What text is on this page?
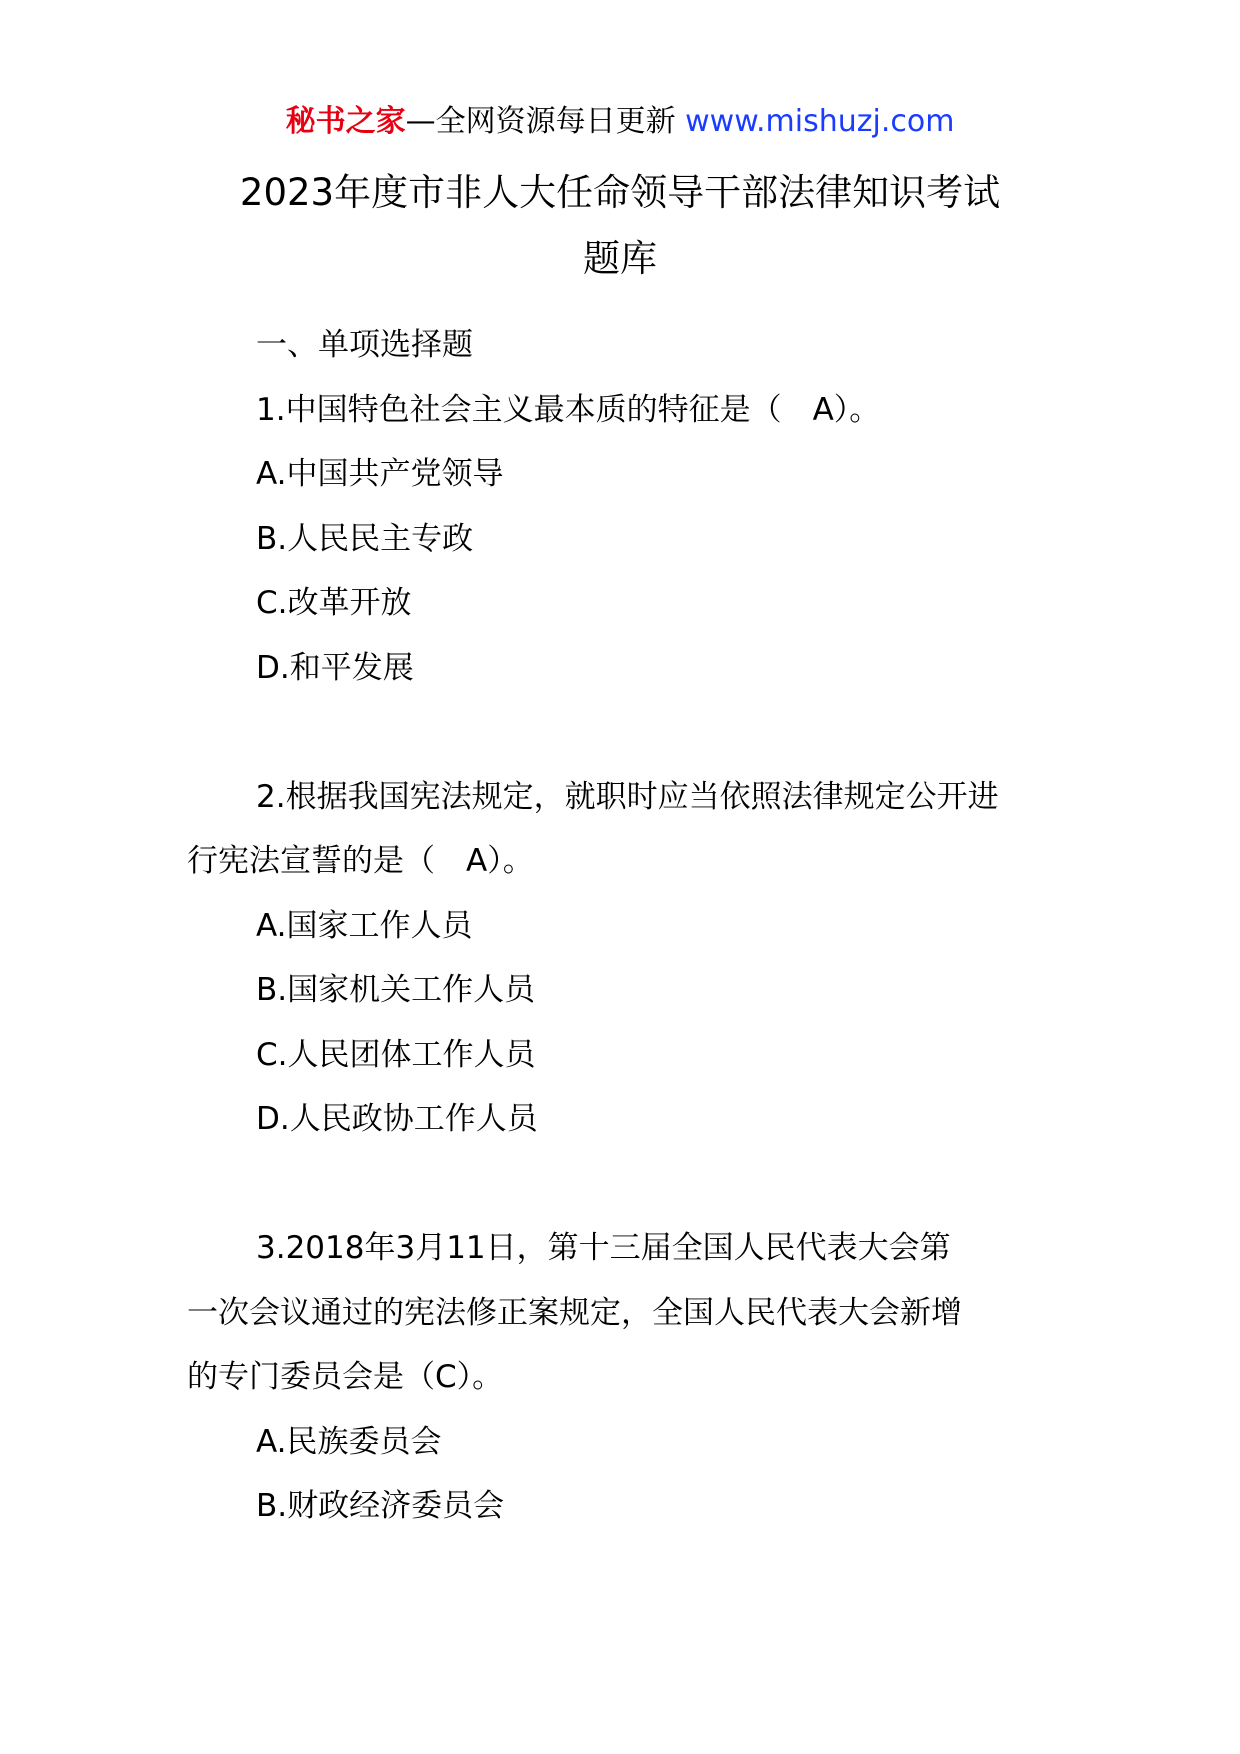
秘书之家—全网资源每日更新 www.mishuzj.com
2023年度市非人大任命领导干部法律知识考试
题库
一、单项选择题
1.中国特色社会主义最本质的特征是（　A）。
A.中国共产党领导
B.人民民主专政
C.改革开放
D.和平发展
2.根据我国宪法规定，就职时应当依照法律规定公开进
行宪法宣誓的是（　A）。
A.国家工作人员
B.国家机关工作人员
C.人民团体工作人员
D.人民政协工作人员
3.2018年3月11日，第十三届全国人民代表大会第
一次会议通过的宪法修正案规定，全国人民代表大会新增
的专门委员会是（C）。
A.民族委员会
B.财政经济委员会
